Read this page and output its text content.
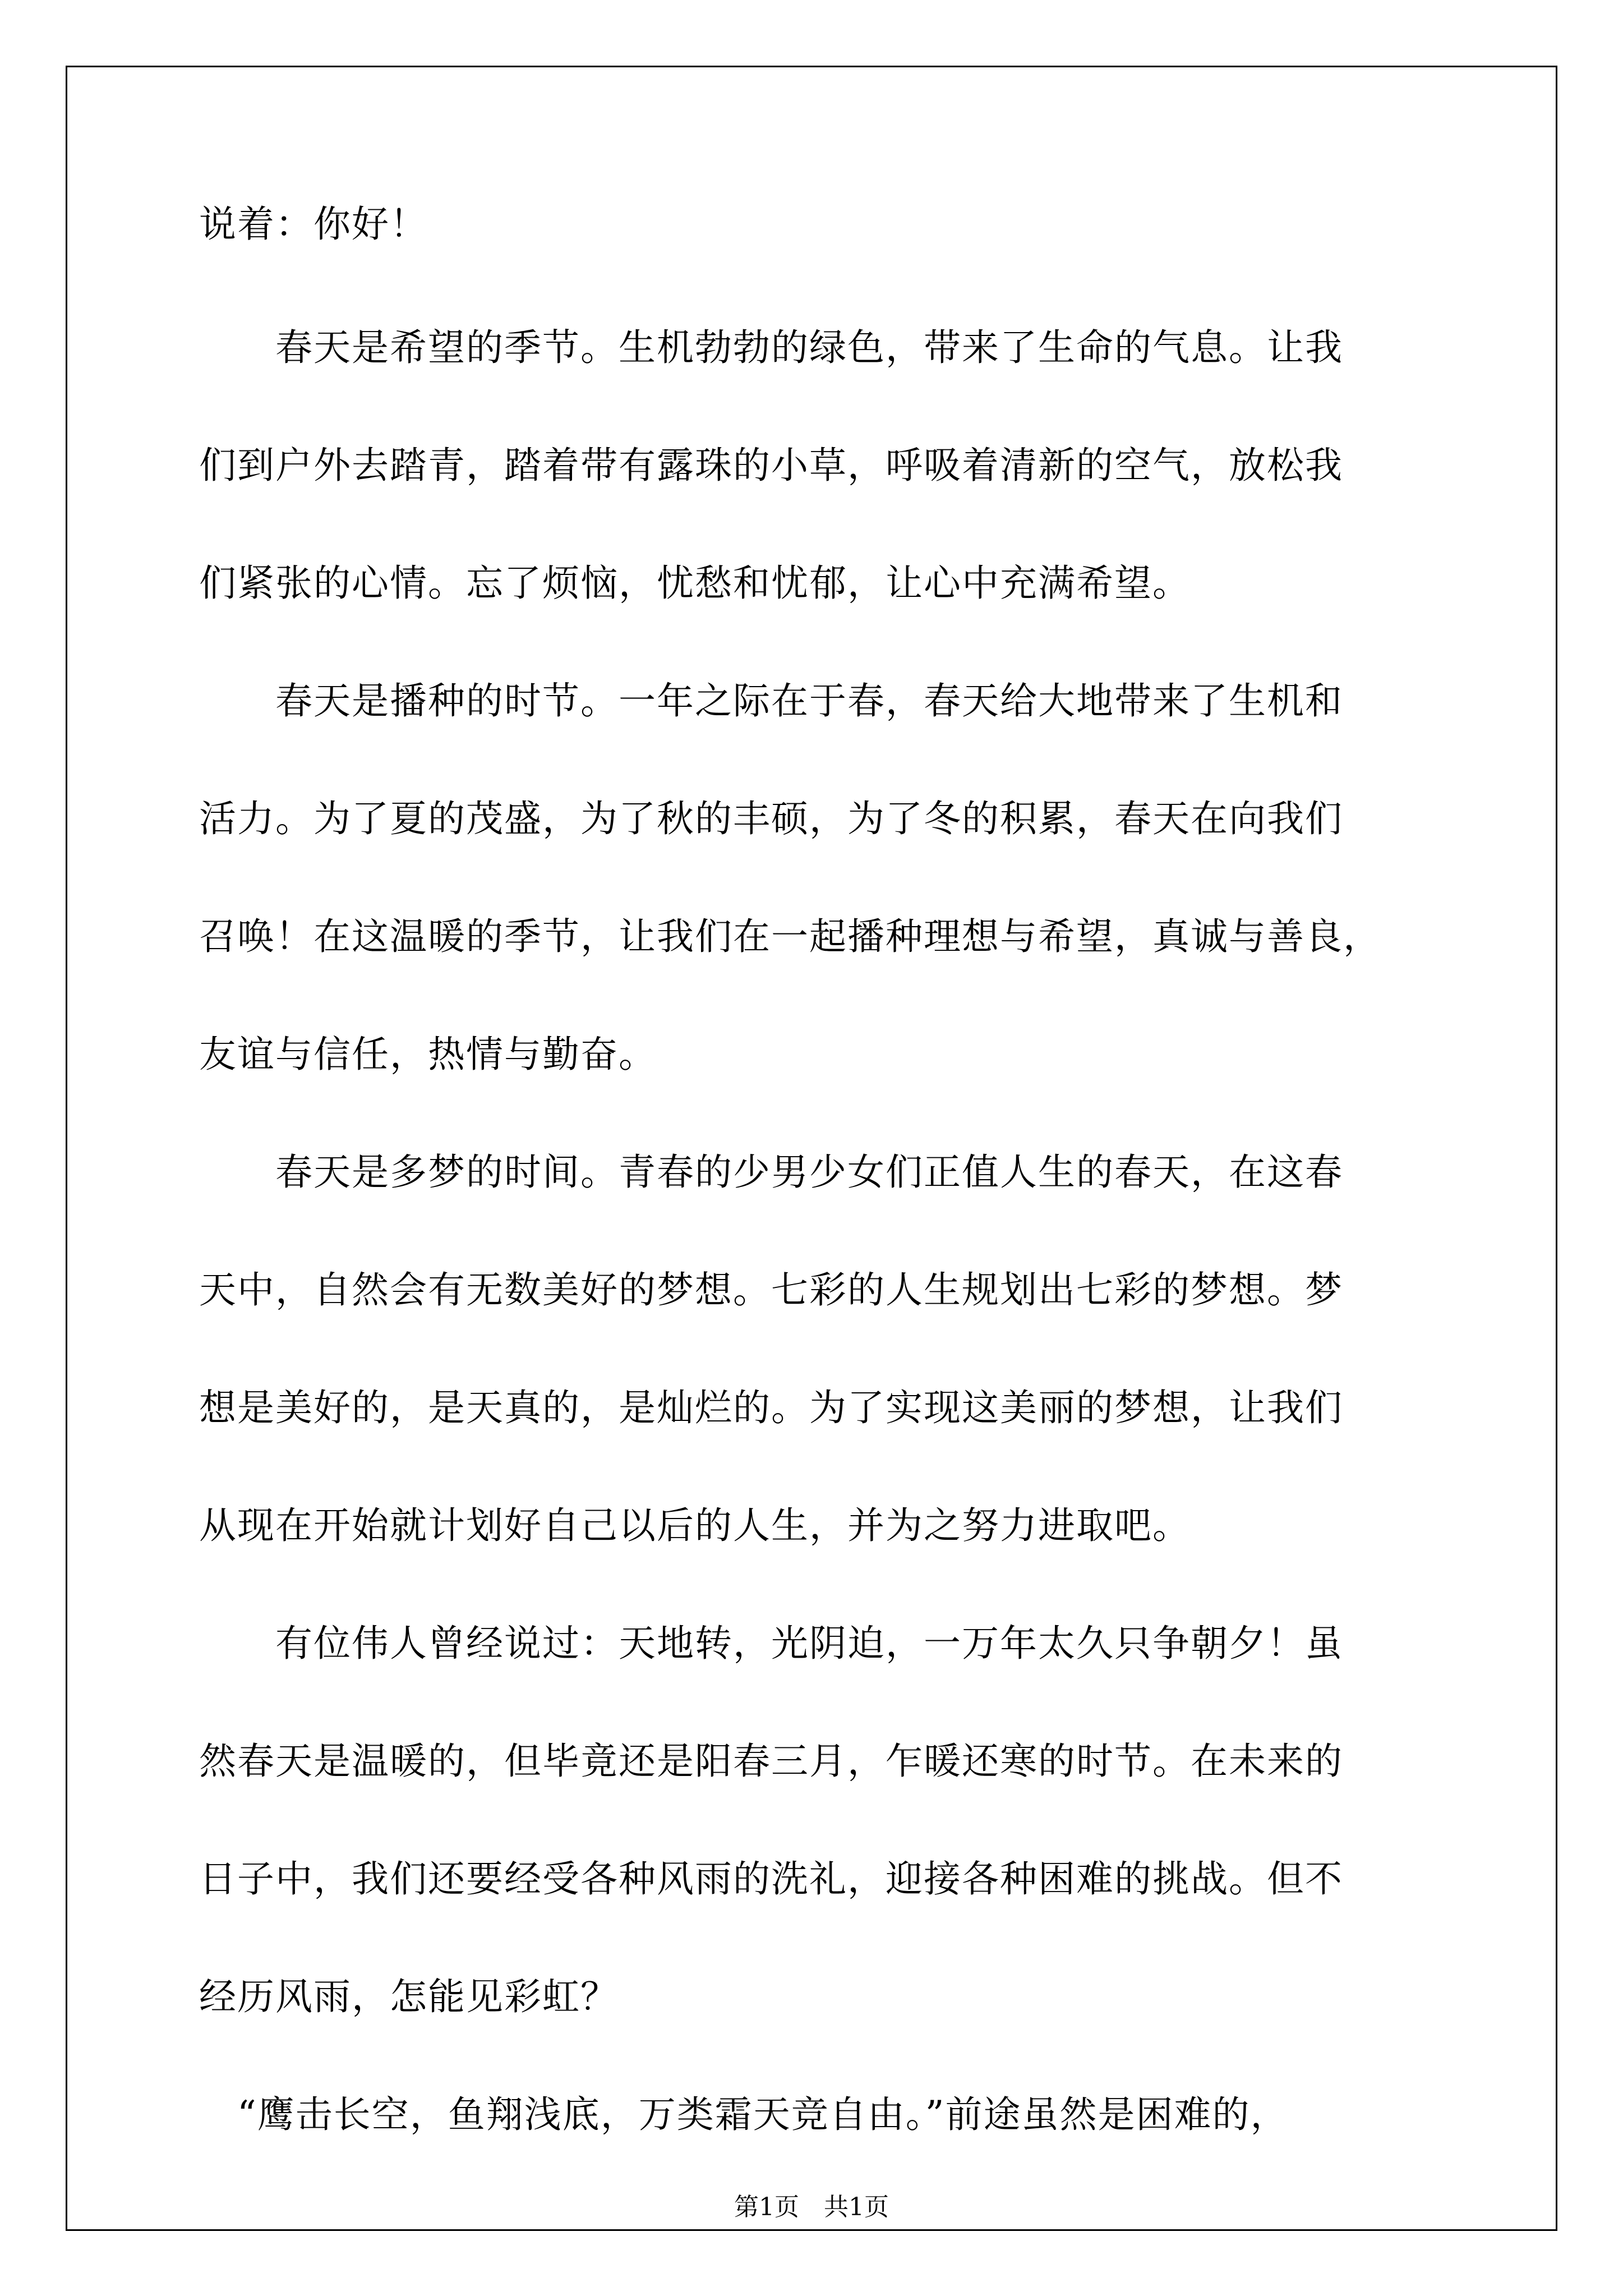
说着：你好！
　　春天是希望的季节。生机勃勃的绿色，带来了生命的气息。让我
们到户外去踏青，踏着带有露珠的小草，呼吸着清新的空气，放松我
们紧张的心情。忘了烦恼，忧愁和忧郁，让心中充满希望。
　　春天是播种的时节。一年之际在于春，春天给大地带来了生机和
活力。为了夏的茂盛，为了秋的丰硕，为了冬的积累，春天在向我们
召唤！在这温暖的季节，让我们在一起播种理想与希望，真诚与善良，
友谊与信任，热情与勤奋。
　　春天是多梦的时间。青春的少男少女们正值人生的春天，在这春
天中，自然会有无数美好的梦想。七彩的人生规划出七彩的梦想。梦
想是美好的，是天真的，是灿烂的。为了实现这美丽的梦想，让我们
从现在开始就计划好自己以后的人生，并为之努力进取吧。
　　有位伟人曾经说过：天地转，光阴迫，一万年太久只争朝夕！虽
然春天是温暖的，但毕竟还是阳春三月，乍暖还寒的时节。在未来的
日子中，我们还要经受各种风雨的洗礼，迎接各种困难的挑战。但不
经历风雨，怎能见彩虹？
　“鹰击长空，鱼翔浅底，万类霜天竞自由。”前途虽然是困难的，
第1页　共1页
